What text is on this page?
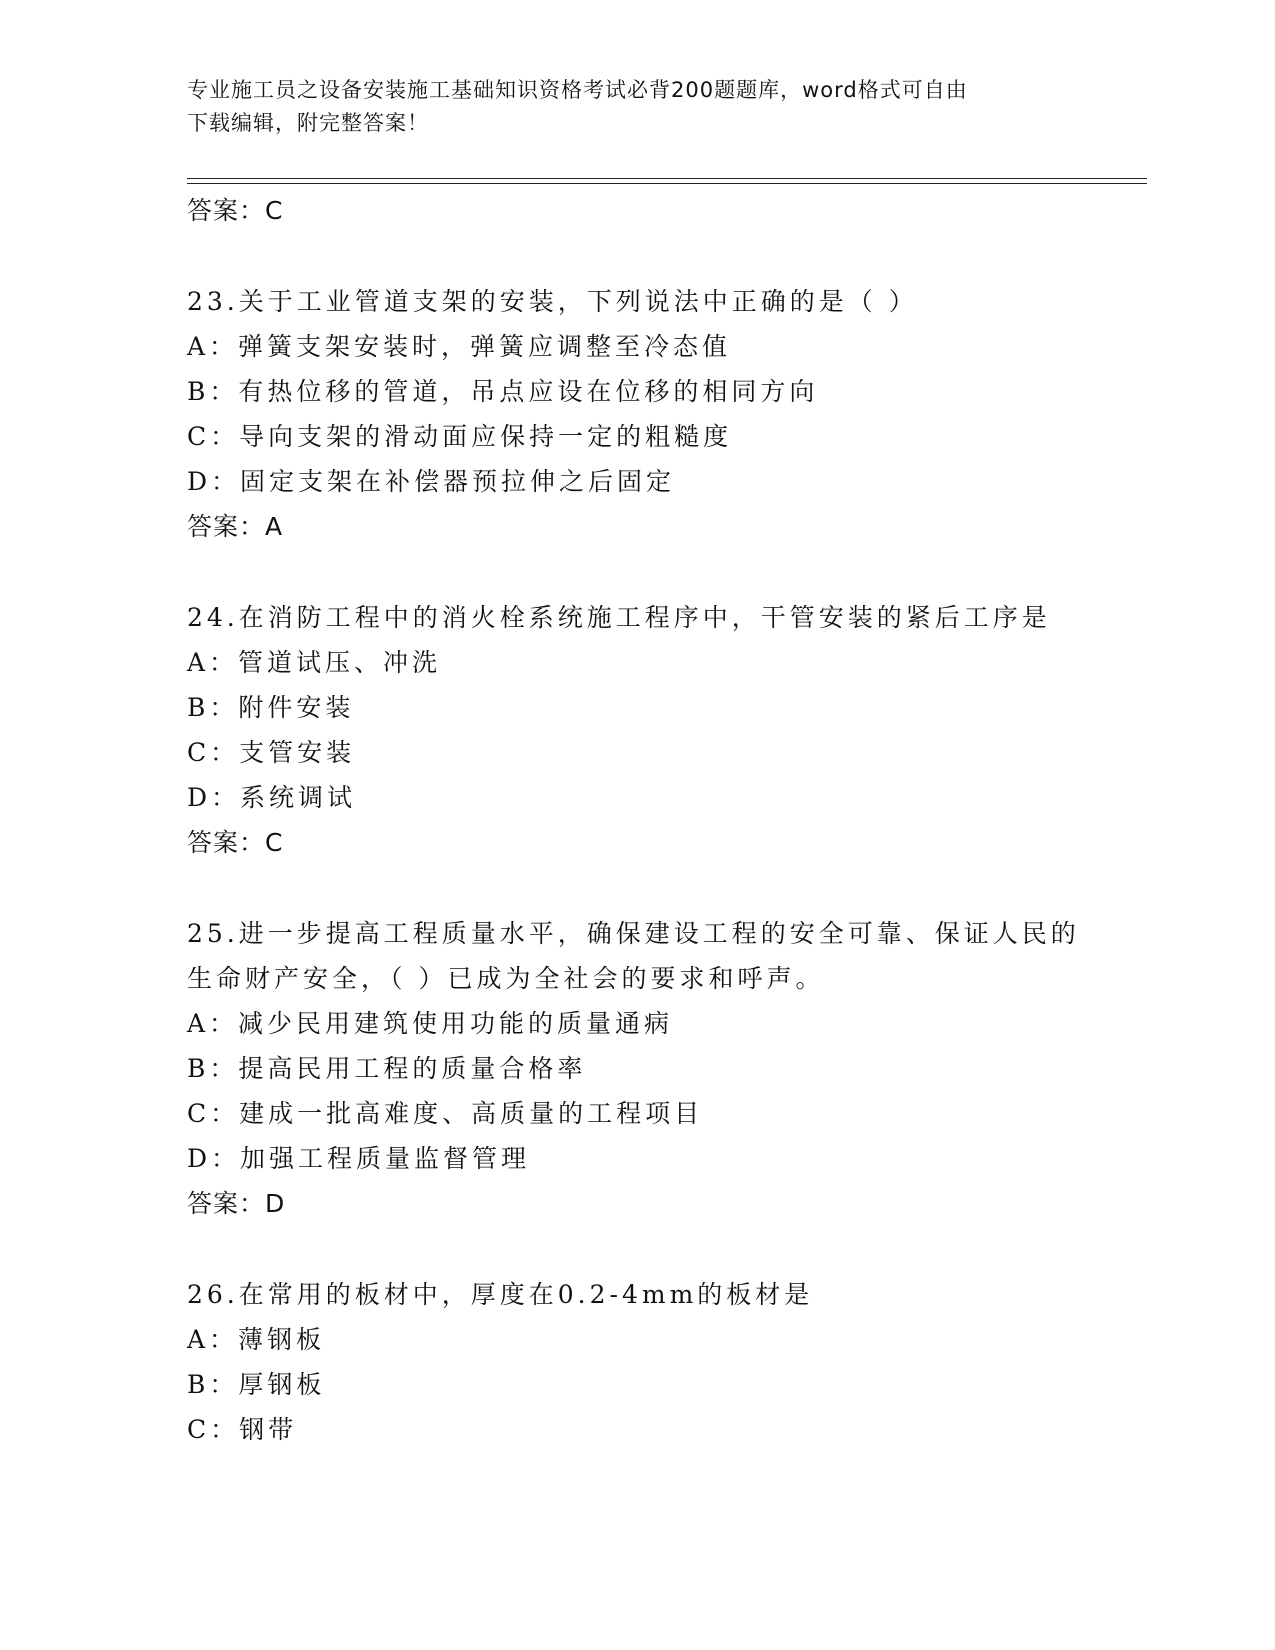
专业施工员之设备安装施工基础知识资格考试必背200题题库，word格式可自由
下载编辑，附完整答案！
答案：C
23.关于工业管道支架的安装，下列说法中正确的是（ ）
A：弹簧支架安装时，弹簧应调整至冷态值
B：有热位移的管道，吊点应设在位移的相同方向
C：导向支架的滑动面应保持一定的粗糙度
D：固定支架在补偿器预拉伸之后固定
答案：A
24.在消防工程中的消火栓系统施工程序中，干管安装的紧后工序是
A：管道试压、冲洗
B：附件安装
C：支管安装
D：系统调试
答案：C
25.进一步提高工程质量水平，确保建设工程的安全可靠、保证人民的
生命财产安全，（ ）已成为全社会的要求和呼声。
A：减少民用建筑使用功能的质量通病
B：提高民用工程的质量合格率
C：建成一批高难度、高质量的工程项目
D：加强工程质量监督管理
答案：D
26.在常用的板材中，厚度在0.2-4mm的板材是
A：薄钢板
B：厚钢板
C：钢带
